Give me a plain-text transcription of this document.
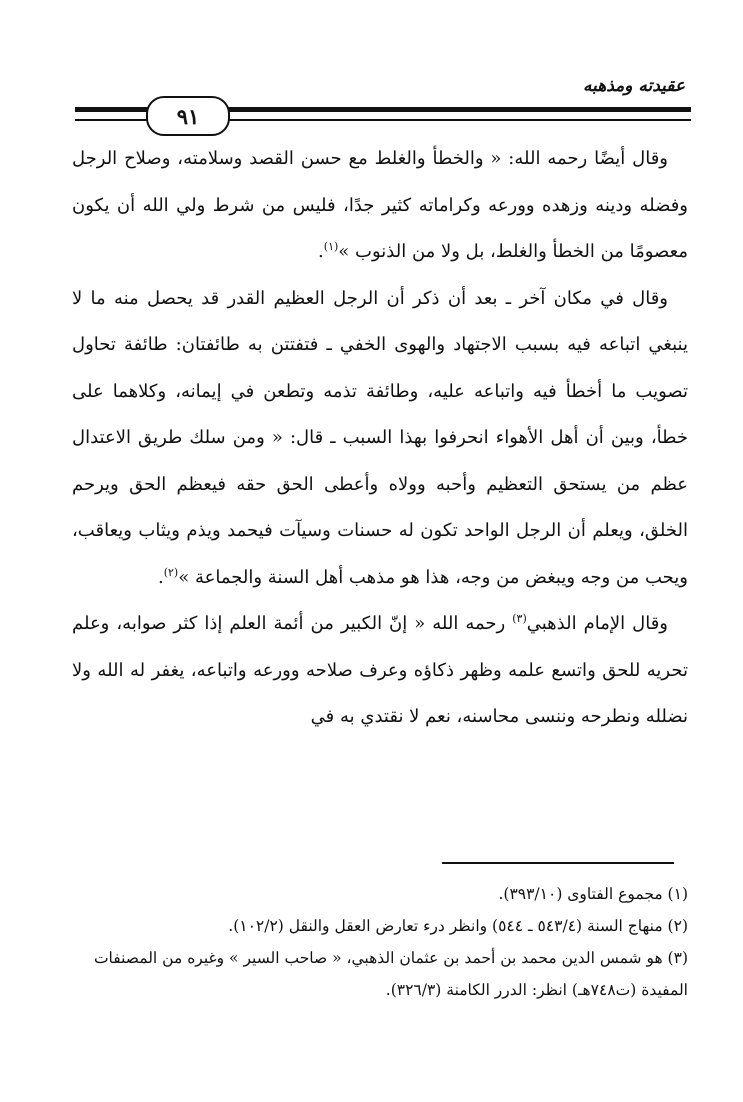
عقيدته ومذهبه
٩١

وقال أيضًا رحمه الله: « والخطأ والغلط مع حسن القصد وسلامته، وصلاح الرجل وفضله ودينه وزهده وورعه وكراماته كثير جدًا، فليس من شرط ولي الله أن يكون معصومًا من الخطأ والغلط، بل ولا من الذنوب »$^{(١)}$.

وقال في مكان آخر ـ بعد أن ذكر أن الرجل العظيم القدر قد يحصل منه ما لا ينبغي اتباعه فيه بسبب الاجتهاد والهوى الخفي ـ فتفتتن به طائفتان: طائفة تحاول تصويب ما أخطأ فيه واتباعه عليه، وطائفة تذمه وتطعن في إيمانه، وكلاهما على خطأ، وبين أن أهل الأهواء انحرفوا بهذا السبب ـ قال: « ومن سلك طريق الاعتدال عظم من يستحق التعظيم وأحبه وولاه وأعطى الحق حقه فيعظم الحق ويرحم الخلق، ويعلم أن الرجل الواحد تكون له حسنات وسيآت فيحمد ويذم ويثاب ويعاقب، ويحب من وجه ويبغض من وجه، هذا هو مذهب أهل السنة والجماعة »$^{(٢)}$.

وقال الإمام الذهبي$^{(٣)}$ رحمه الله « إنّ الكبير من أئمة العلم إذا كثر صوابه، وعلم تحريه للحق واتسع علمه وظهر ذكاؤه وعرف صلاحه وورعه واتباعه، يغفر له الله ولا نضلله ونطرحه وننسى محاسنه، نعم لا نقتدي به في

(١) مجموع الفتاوى (٣٩٣/١٠).
(٢) منهاج السنة (٥٤٣/٤ ـ ٥٤٤) وانظر درء تعارض العقل والنقل (١٠٢/٢).
(٣) هو شمس الدين محمد بن أحمد بن عثمان الذهبي، « صاحب السير » وغيره من المصنفات المفيدة (ت٧٤٨هـ) انظر: الدرر الكامنة (٣٢٦/٣).
